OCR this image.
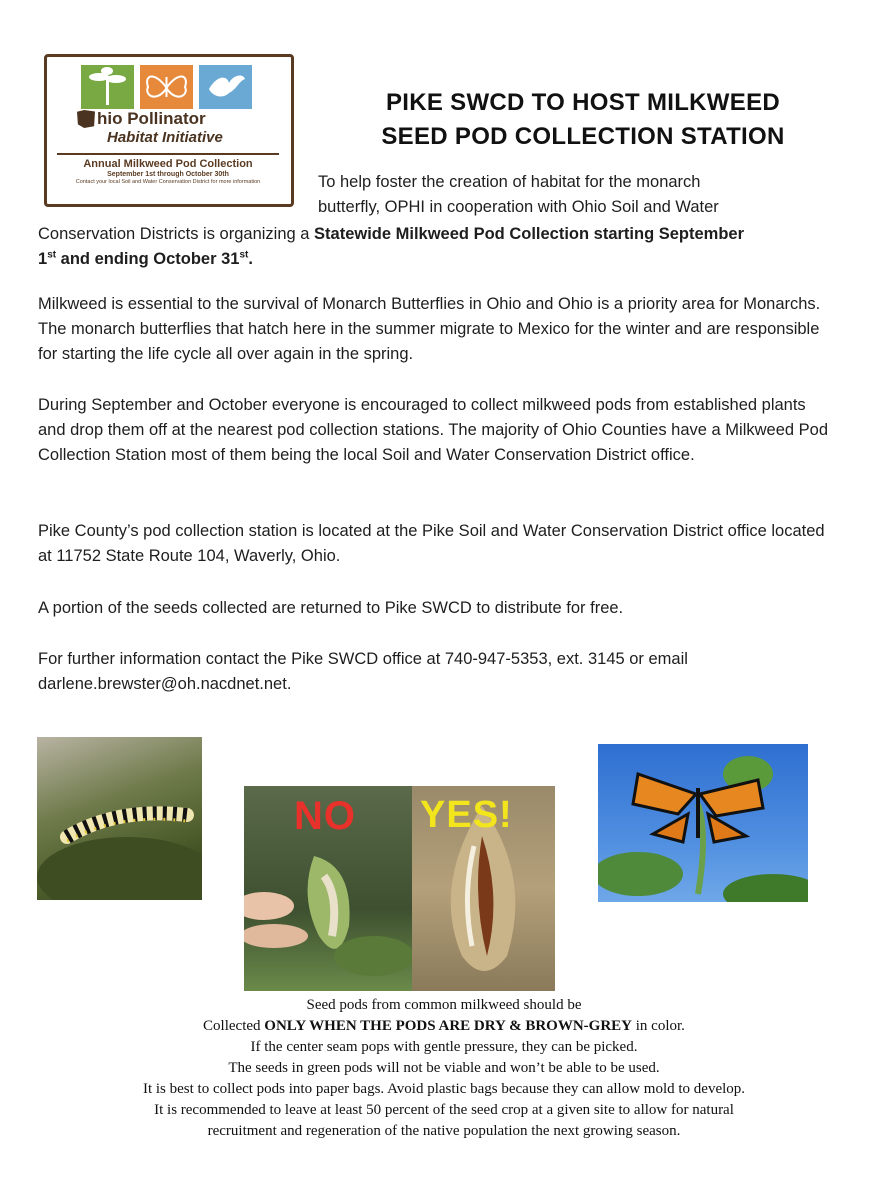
hio Pollinator
Habitat Initiative
Annual Milkweed Pod Collection
September 1st through October 30th
Contact your local Soil and Water Conservation District for more information
PIKE SWCD TO HOST MILKWEED
SEED POD COLLECTION STATION
To help foster the creation of habitat for the monarch
butterfly, OPHI in cooperation with Ohio Soil and Water
Conservation Districts is organizing a Statewide Milkweed Pod Collection starting September
1st and ending October 31st.
Milkweed is essential to the survival of Monarch Butterflies in Ohio and Ohio is a priority area for Monarchs. The monarch butterflies that hatch here in the summer migrate to Mexico for the winter and are responsible for starting the life cycle all over again in the spring.
During September and October everyone is encouraged to collect milkweed pods from established plants and drop them off at the nearest pod collection stations. The majority of Ohio Counties have a Milkweed Pod Collection Station most of them being the local Soil and Water Conservation District office.
Pike County’s pod collection station is located at the Pike Soil and Water Conservation District office located at 11752 State Route 104, Waverly, Ohio.
A portion of the seeds collected are returned to Pike SWCD to distribute for free.
For further information contact the Pike SWCD office at 740-947-5353, ext. 3145 or email darlene.brewster@oh.nacdnet.net.
NO YES!
Seed pods from common milkweed should be
Collected ONLY WHEN THE PODS ARE DRY & BROWN-GREY in color.
If the center seam pops with gentle pressure, they can be picked.
The seeds in green pods will not be viable and won’t be able to be used.
It is best to collect pods into paper bags. Avoid plastic bags because they can allow mold to develop.
It is recommended to leave at least 50 percent of the seed crop at a given site to allow for natural
recruitment and regeneration of the native population the next growing season.
